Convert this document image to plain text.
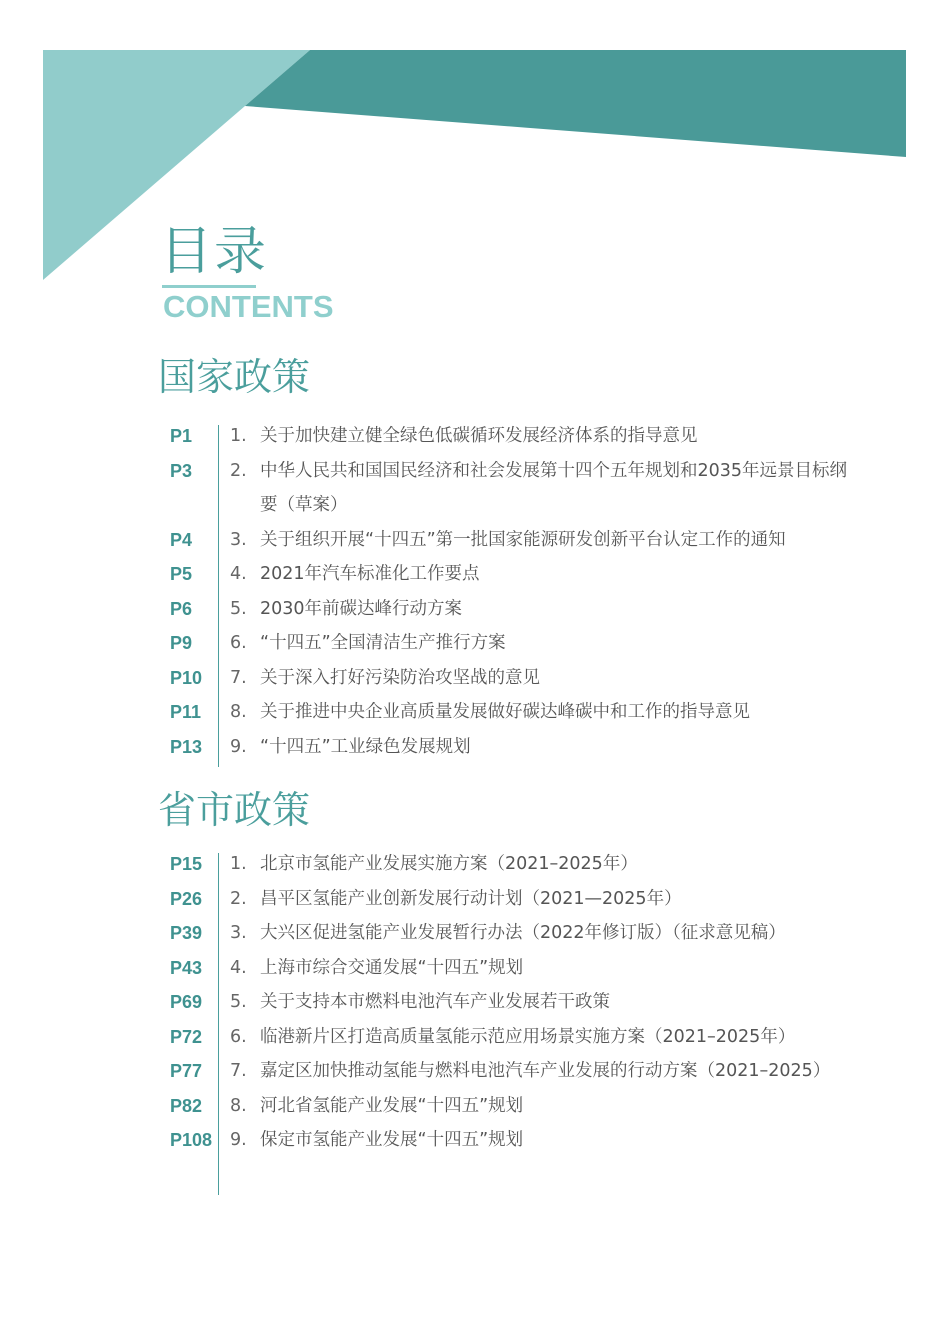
目录
CONTENTS
国家政策
P1	1. 关于加快建立健全绿色低碳循环发展经济体系的指导意见
P3	2. 中华人民共和国国民经济和社会发展第十四个五年规划和2035年远景目标纲要（草案）
P4	3. 关于组织开展“十四五”第一批国家能源研发创新平台认定工作的通知
P5	4. 2021年汽车标准化工作要点
P6	5. 2030年前碳达峰行动方案
P9	6. “十四五”全国清洁生产推行方案
P10	7. 关于深入打好污染防治攻坚战的意见
P11	8. 关于推进中央企业高质量发展做好碳达峰碳中和工作的指导意见
P13	9. “十四五”工业绿色发展规划
省市政策
P15	1. 北京市氢能产业发展实施方案（2021–2025年）
P26	2. 昌平区氢能产业创新发展行动计划（2021—2025年）
P39	3. 大兴区促进氢能产业发展暂行办法（2022年修订版）（征求意见稿）
P43	4. 上海市综合交通发展“十四五”规划
P69	5. 关于支持本市燃料电池汽车产业发展若干政策
P72	6. 临港新片区打造高质量氢能示范应用场景实施方案（2021–2025年）
P77	7. 嘉定区加快推动氢能与燃料电池汽车产业发展的行动方案（2021–2025）
P82	8. 河北省氢能产业发展“十四五”规划
P108	9. 保定市氢能产业发展“十四五”规划
